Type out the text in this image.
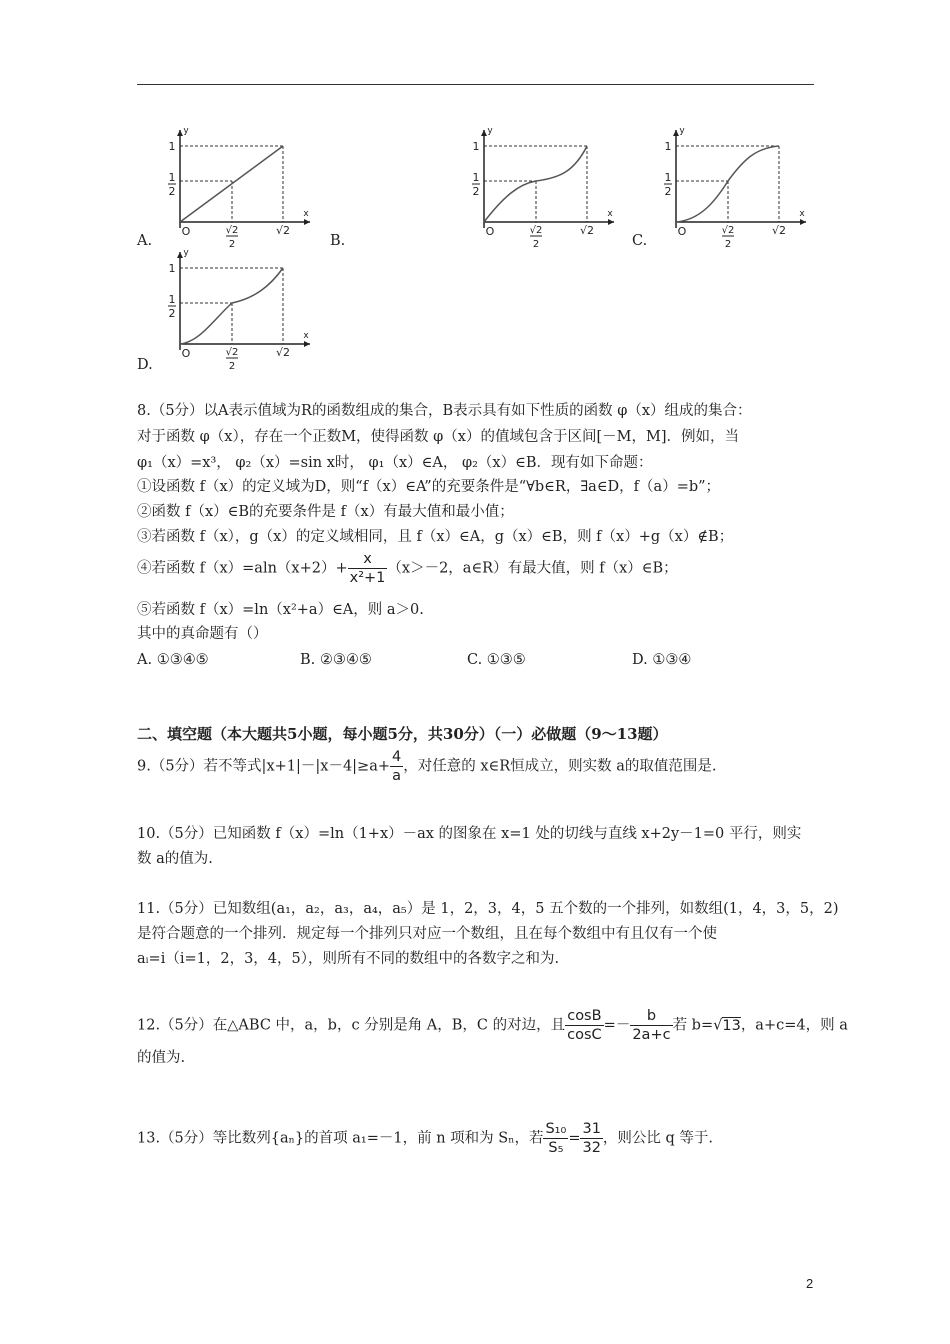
A.	B.	C.
D.
y
x
1
1
2
O	√2
2
√2
y
x
1
1
2
O	√2
2
√2
y
x
1
1
2
O	√2
2
√2
y
x
1
1
2
O	√2
2
√2
8.（5分）以A表示值域为R的函数组成的集合，B表示具有如下性质的函数 φ（x）组成的集合：
对于函数 φ（x），存在一个正数M，使得函数 φ（x）的值域包含于区间[－M，M]．例如，当
φ₁（x）=x³， φ₂（x）=sin x时， φ₁（x）∈A， φ₂（x）∈B．现有如下命题：
①设函数 f（x）的定义域为D，则“f（x）∈A”的充要条件是“∀b∈R，∃a∈D，f（a）=b”；
②函数 f（x）∈B的充要条件是 f（x）有最大值和最小值；
③若函数 f（x），g（x）的定义域相同，且 f（x）∈A，g（x）∈B，则 f（x）+g（x）∉B；
④若函数 $f(x)=aln(x+2)+ \frac{x}{\text{x²+1}} (x>-2$，a∈R）有最大值，则 f（x）∈B；
⑤若函数 f（x）=ln（x²+a）∈A，则 a＞0.
其中的真命题有（）
A. ①③④⑤	B. ②③④⑤	C. ①③⑤	D. ①③④
二、填空题（本大题共5小题，每小题5分，共30分）（一）必做题（9～13题）
9.（5分）若不等式$|x+1|-|x-4|\ge a+ \frac{4}{a}$ ，对任意的 x∈R恒成立，则实数 a的取值范围是.
10.（5分）已知函数 f（x）=ln（1+x）－ax 的图象在 x=1 处的切线与直线 x+2y－1=0 平行，则实
数 a的值为.
11.（5分）已知数组(a₁，a₂，a₃，a₄，a₅）是 1，2，3，4，5 五个数的一个排列，如数组(1，4，3，5，2)
是符合题意的一个排列．规定每一个排列只对应一个数组，且在每个数组中有且仅有一个使
aᵢ=i（i=1，2，3，4，5），则所有不同的数组中的各数字之和为.
12.（5分）在△ABC 中，a，b，c 分别是角 A，B，C 的对边，且 $\frac{\cos B}{\cos C} =- \frac{b}{2a+c}$ 若 b=√13，a+c=4，则 a
的值为.
13.（5分）等比数列{aₙ}的首项 a₁=－1，前 n 项和为 Sₙ，若 $\frac{\text{S₁₀}}{\text{S₅}} = \frac{31}{32}$ ，则公比 q 等于.
2
